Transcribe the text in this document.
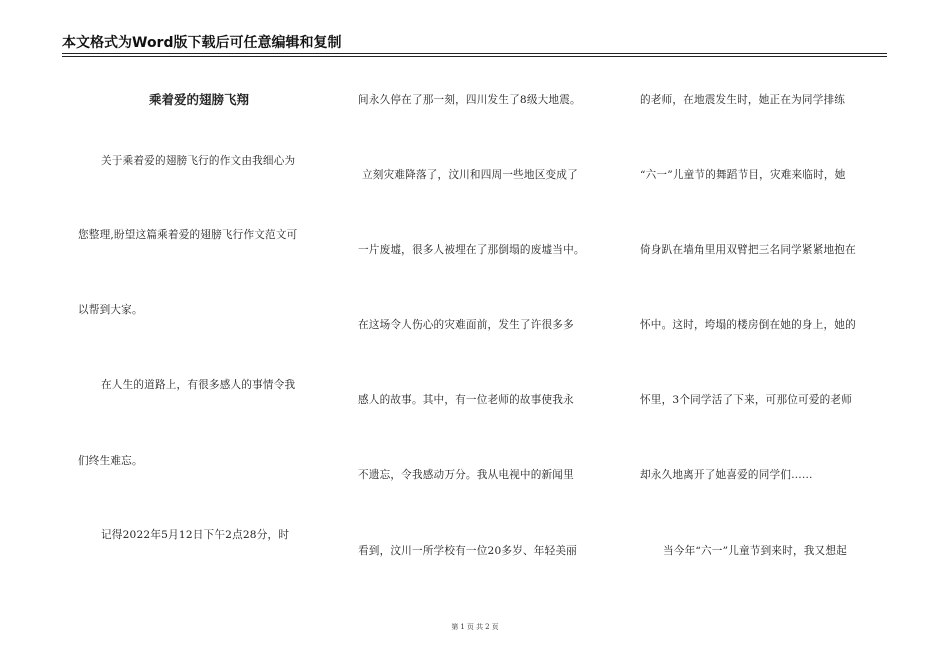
本文格式为Word版下载后可任意编辑和复制
乘着爱的翅膀飞翔
关于乘着爱的翅膀飞行的作文由我细心为
您整理,盼望这篇乘着爱的翅膀飞行作文范文可
以帮到大家。
在人生的道路上，有很多感人的事情令我
们终生难忘。
记得2022年5月12日下午2点28分，时
间永久停在了那一刻，四川发生了8级大地震。
立刻灾难降落了，汶川和四周一些地区变成了
一片废墟，很多人被埋在了那倒塌的废墟当中。
在这场令人伤心的灾难面前，发生了许很多多
感人的故事。其中，有一位老师的故事使我永
不遗忘，令我感动万分。我从电视中的新闻里
看到，汶川一所学校有一位20多岁、年轻美丽
的老师，在地震发生时，她正在为同学排练
“六一”儿童节的舞蹈节目，灾难来临时，她
倚身趴在墙角里用双臂把三名同学紧紧地抱在
怀中。这时，垮塌的楼房倒在她的身上，她的
怀里，3个同学活了下来，可那位可爱的老师
却永久地离开了她喜爱的同学们……
当今年“六一”儿童节到来时，我又想起
第 1 页 共 2 页
